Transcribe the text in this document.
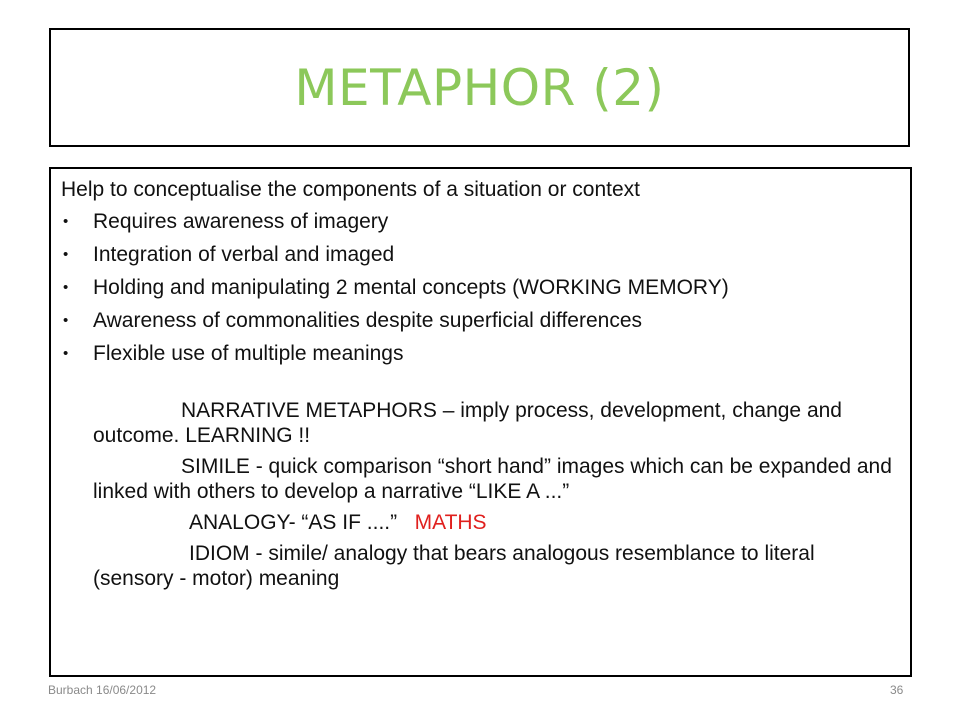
METAPHOR (2)
Help to conceptualise the components of a situation or context
• Requires awareness of imagery
• Integration of verbal and imaged
• Holding and manipulating 2 mental concepts (WORKING MEMORY)
• Awareness of commonalities despite superficial differences
• Flexible use of multiple meanings

NARRATIVE METAPHORS – imply process, development, change and outcome. LEARNING !!

SIMILE - quick comparison “short hand” images which can be expanded and linked with others to develop a narrative “LIKE A ...”

ANALOGY- “AS IF ....” MATHS

IDIOM - simile/ analogy that bears analogous resemblance to literal (sensory - motor) meaning

Burbach 16/06/2012	36
